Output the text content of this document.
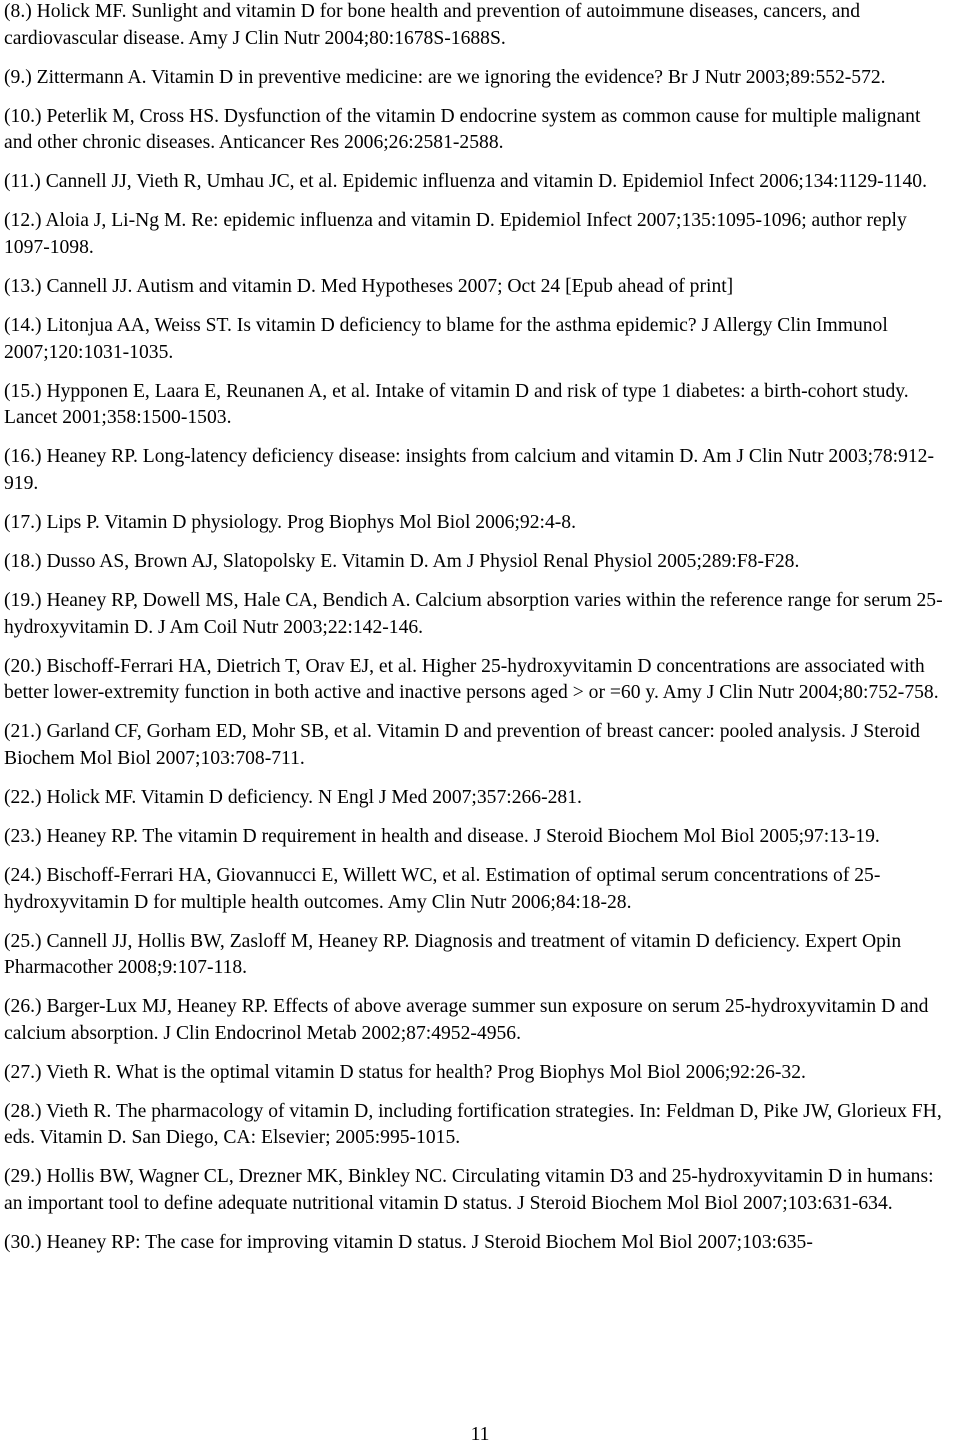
(8.) Holick MF. Sunlight and vitamin D for bone health and prevention of autoimmune diseases, cancers, and cardiovascular disease. Amy J Clin Nutr 2004;80:1678S-1688S.

(9.) Zittermann A. Vitamin D in preventive medicine: are we ignoring the evidence? Br J Nutr 2003;89:552-572.

(10.) Peterlik M, Cross HS. Dysfunction of the vitamin D endocrine system as common cause for multiple malignant and other chronic diseases. Anticancer Res 2006;26:2581-2588.

(11.) Cannell JJ, Vieth R, Umhau JC, et al. Epidemic influenza and vitamin D. Epidemiol Infect 2006;134:1129-1140.

(12.) Aloia J, Li-Ng M. Re: epidemic influenza and vitamin D. Epidemiol Infect 2007;135:1095-1096; author reply 1097-1098.

(13.) Cannell JJ. Autism and vitamin D. Med Hypotheses 2007; Oct 24 [Epub ahead of print]

(14.) Litonjua AA, Weiss ST. Is vitamin D deficiency to blame for the asthma epidemic? J Allergy Clin Immunol 2007;120:1031-1035.

(15.) Hypponen E, Laara E, Reunanen A, et al. Intake of vitamin D and risk of type 1 diabetes: a birth-cohort study. Lancet 2001;358:1500-1503.

(16.) Heaney RP. Long-latency deficiency disease: insights from calcium and vitamin D. Am J Clin Nutr 2003;78:912-919.

(17.) Lips P. Vitamin D physiology. Prog Biophys Mol Biol 2006;92:4-8.

(18.) Dusso AS, Brown AJ, Slatopolsky E. Vitamin D. Am J Physiol Renal Physiol 2005;289:F8-F28.

(19.) Heaney RP, Dowell MS, Hale CA, Bendich A. Calcium absorption varies within the reference range for serum 25-hydroxyvitamin D. J Am Coil Nutr 2003;22:142-146.

(20.) Bischoff-Ferrari HA, Dietrich T, Orav EJ, et al. Higher 25-hydroxyvitamin D concentrations are associated with better lower-extremity function in both active and inactive persons aged > or =60 y. Amy J Clin Nutr 2004;80:752-758.

(21.) Garland CF, Gorham ED, Mohr SB, et al. Vitamin D and prevention of breast cancer: pooled analysis. J Steroid Biochem Mol Biol 2007;103:708-711.

(22.) Holick MF. Vitamin D deficiency. N Engl J Med 2007;357:266-281.

(23.) Heaney RP. The vitamin D requirement in health and disease. J Steroid Biochem Mol Biol 2005;97:13-19.

(24.) Bischoff-Ferrari HA, Giovannucci E, Willett WC, et al. Estimation of optimal serum concentrations of 25-hydroxyvitamin D for multiple health outcomes. Amy Clin Nutr 2006;84:18-28.

(25.) Cannell JJ, Hollis BW, Zasloff M, Heaney RP. Diagnosis and treatment of vitamin D deficiency. Expert Opin Pharmacother 2008;9:107-118.

(26.) Barger-Lux MJ, Heaney RP. Effects of above average summer sun exposure on serum 25-hydroxyvitamin D and calcium absorption. J Clin Endocrinol Metab 2002;87:4952-4956.

(27.) Vieth R. What is the optimal vitamin D status for health? Prog Biophys Mol Biol 2006;92:26-32.

(28.) Vieth R. The pharmacology of vitamin D, including fortification strategies. In: Feldman D, Pike JW, Glorieux FH, eds. Vitamin D. San Diego, CA: Elsevier; 2005:995-1015.

(29.) Hollis BW, Wagner CL, Drezner MK, Binkley NC. Circulating vitamin D3 and 25-hydroxyvitamin D in humans: an important tool to define adequate nutritional vitamin D status. J Steroid Biochem Mol Biol 2007;103:631-634.

(30.) Heaney RP: The case for improving vitamin D status. J Steroid Biochem Mol Biol 2007;103:635-

11
